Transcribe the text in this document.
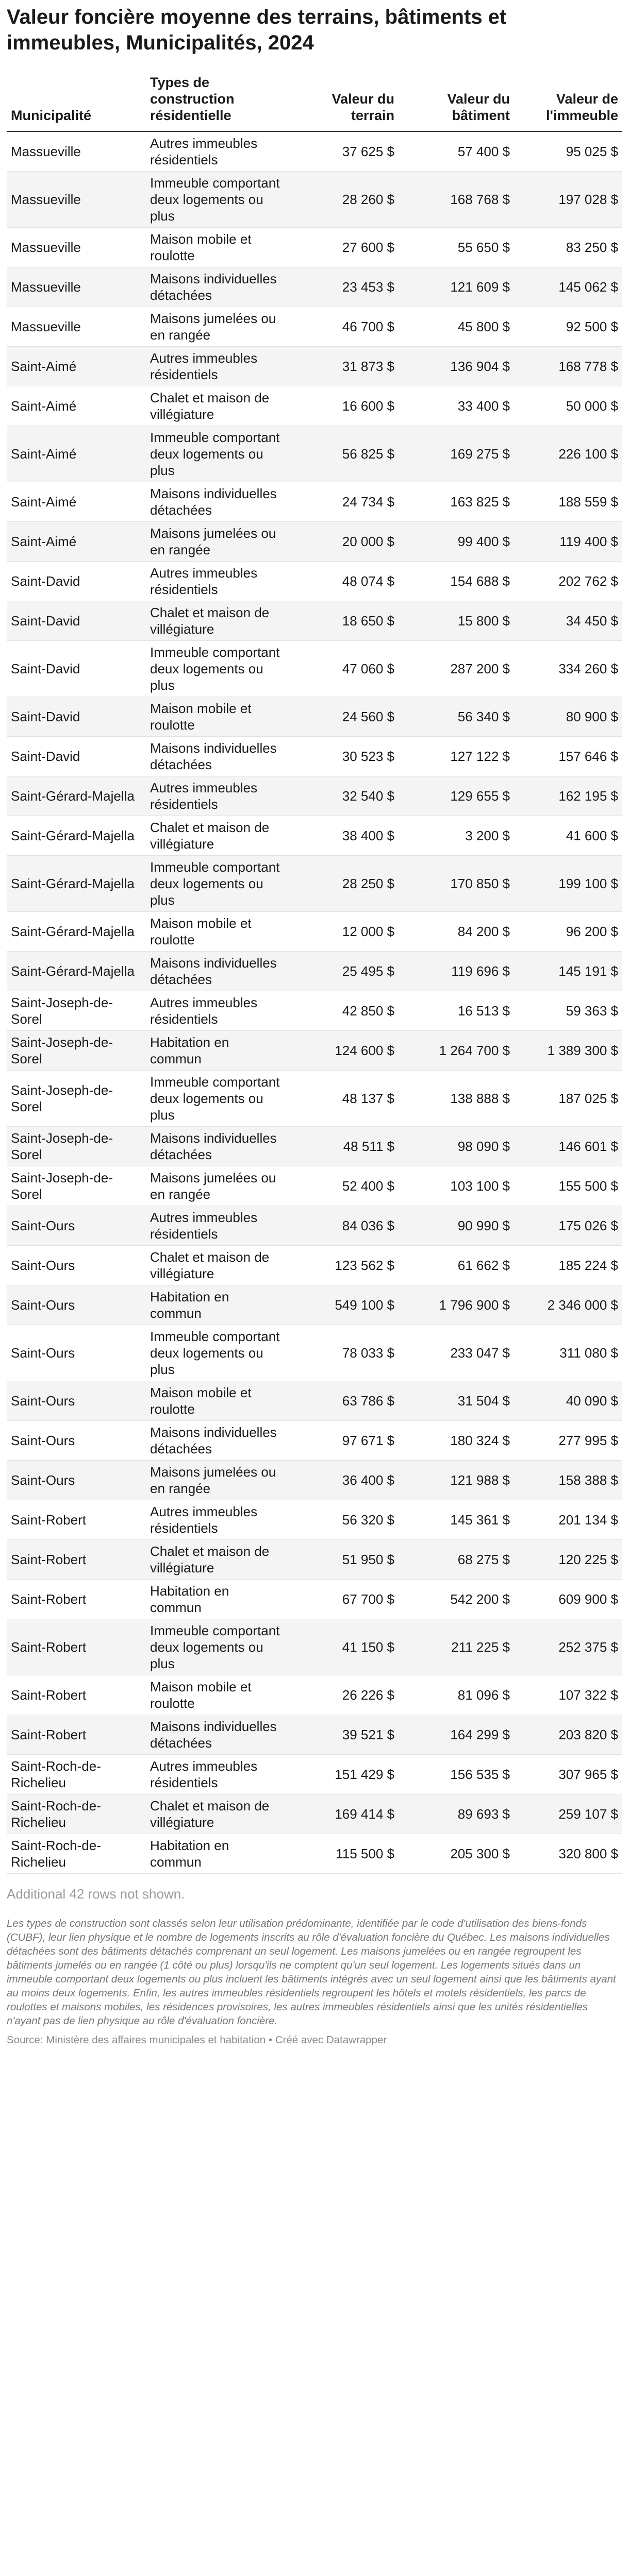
Valeur foncière moyenne des terrains, bâtiments et immeubles, Municipalités, 2024
Municipalité	Types de construction résidentielle	Valeur du terrain	Valeur du bâtiment	Valeur de l'immeuble
Massueville	Autres immeubles résidentiels	37 625 $	57 400 $	95 025 $
Massueville	Immeuble comportant deux logements ou plus	28 260 $	168 768 $	197 028 $
Massueville	Maison mobile et roulotte	27 600 $	55 650 $	83 250 $
Massueville	Maisons individuelles détachées	23 453 $	121 609 $	145 062 $
Massueville	Maisons jumelées ou en rangée	46 700 $	45 800 $	92 500 $
Saint-Aimé	Autres immeubles résidentiels	31 873 $	136 904 $	168 778 $
Saint-Aimé	Chalet et maison de villégiature	16 600 $	33 400 $	50 000 $
Saint-Aimé	Immeuble comportant deux logements ou plus	56 825 $	169 275 $	226 100 $
Saint-Aimé	Maisons individuelles détachées	24 734 $	163 825 $	188 559 $
Saint-Aimé	Maisons jumelées ou en rangée	20 000 $	99 400 $	119 400 $
Saint-David	Autres immeubles résidentiels	48 074 $	154 688 $	202 762 $
Saint-David	Chalet et maison de villégiature	18 650 $	15 800 $	34 450 $
Saint-David	Immeuble comportant deux logements ou plus	47 060 $	287 200 $	334 260 $
Saint-David	Maison mobile et roulotte	24 560 $	56 340 $	80 900 $
Saint-David	Maisons individuelles détachées	30 523 $	127 122 $	157 646 $
Saint-Gérard-Majella	Autres immeubles résidentiels	32 540 $	129 655 $	162 195 $
Saint-Gérard-Majella	Chalet et maison de villégiature	38 400 $	3 200 $	41 600 $
Saint-Gérard-Majella	Immeuble comportant deux logements ou plus	28 250 $	170 850 $	199 100 $
Saint-Gérard-Majella	Maison mobile et roulotte	12 000 $	84 200 $	96 200 $
Saint-Gérard-Majella	Maisons individuelles détachées	25 495 $	119 696 $	145 191 $
Saint-Joseph-de-Sorel	Autres immeubles résidentiels	42 850 $	16 513 $	59 363 $
Saint-Joseph-de-Sorel	Habitation en commun	124 600 $	1 264 700 $	1 389 300 $
Saint-Joseph-de-Sorel	Immeuble comportant deux logements ou plus	48 137 $	138 888 $	187 025 $
Saint-Joseph-de-Sorel	Maisons individuelles détachées	48 511 $	98 090 $	146 601 $
Saint-Joseph-de-Sorel	Maisons jumelées ou en rangée	52 400 $	103 100 $	155 500 $
Saint-Ours	Autres immeubles résidentiels	84 036 $	90 990 $	175 026 $
Saint-Ours	Chalet et maison de villégiature	123 562 $	61 662 $	185 224 $
Saint-Ours	Habitation en commun	549 100 $	1 796 900 $	2 346 000 $
Saint-Ours	Immeuble comportant deux logements ou plus	78 033 $	233 047 $	311 080 $
Saint-Ours	Maison mobile et roulotte	63 786 $	31 504 $	40 090 $
Saint-Ours	Maisons individuelles détachées	97 671 $	180 324 $	277 995 $
Saint-Ours	Maisons jumelées ou en rangée	36 400 $	121 988 $	158 388 $
Saint-Robert	Autres immeubles résidentiels	56 320 $	145 361 $	201 134 $
Saint-Robert	Chalet et maison de villégiature	51 950 $	68 275 $	120 225 $
Saint-Robert	Habitation en commun	67 700 $	542 200 $	609 900 $
Saint-Robert	Immeuble comportant deux logements ou plus	41 150 $	211 225 $	252 375 $
Saint-Robert	Maison mobile et roulotte	26 226 $	81 096 $	107 322 $
Saint-Robert	Maisons individuelles détachées	39 521 $	164 299 $	203 820 $
Saint-Roch-de-Richelieu	Autres immeubles résidentiels	151 429 $	156 535 $	307 965 $
Saint-Roch-de-Richelieu	Chalet et maison de villégiature	169 414 $	89 693 $	259 107 $
Saint-Roch-de-Richelieu	Habitation en commun	115 500 $	205 300 $	320 800 $
Additional 42 rows not shown.
Les types de construction sont classés selon leur utilisation prédominante, identifiée par le code d'utilisation des biens-fonds (CUBF), leur lien physique et le nombre de logements inscrits au rôle d'évaluation foncière du Québec. Les maisons individuelles détachées sont des bâtiments détachés comprenant un seul logement. Les maisons jumelées ou en rangée regroupent les bâtiments jumelés ou en rangée (1 côté ou plus) lorsqu'ils ne comptent qu'un seul logement. Les logements situés dans un immeuble comportant deux logements ou plus incluent les bâtiments intégrés avec un seul logement ainsi que les bâtiments ayant au moins deux logements. Enfin, les autres immeubles résidentiels regroupent les hôtels et motels résidentiels, les parcs de roulottes et maisons mobiles, les résidences provisoires, les autres immeubles résidentiels ainsi que les unités résidentielles n'ayant pas de lien physique au rôle d'évaluation foncière.
Source: Ministère des affaires municipales et habitation • Créé avec Datawrapper
